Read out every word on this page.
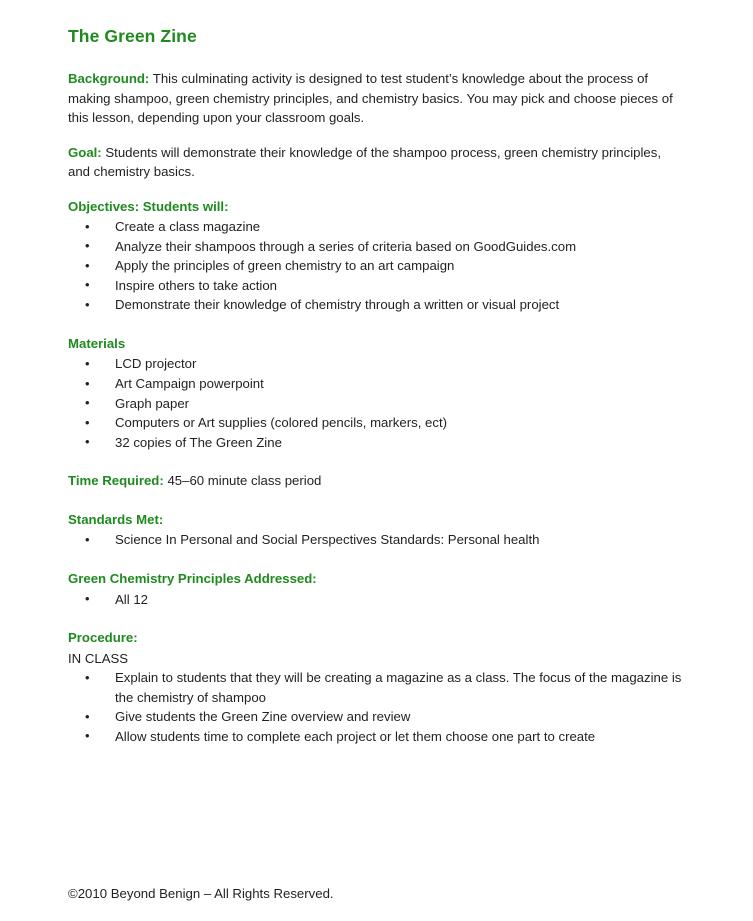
The Green Zine

Background: This culminating activity is designed to test student’s knowledge about the process of making shampoo, green chemistry principles, and chemistry basics. You may pick and choose pieces of this lesson, depending upon your classroom goals.

Goal: Students will demonstrate their knowledge of the shampoo process, green chemistry principles, and chemistry basics.

Objectives: Students will:
• Create a class magazine
• Analyze their shampoos through a series of criteria based on GoodGuides.com
• Apply the principles of green chemistry to an art campaign
• Inspire others to take action
• Demonstrate their knowledge of chemistry through a written or visual project
Materials
• LCD projector
• Art Campaign powerpoint
• Graph paper
• Computers or Art supplies (colored pencils, markers, ect)
• 32 copies of The Green Zine

Time Required: 45–60 minute class period

Standards Met:
• Science In Personal and Social Perspectives Standards: Personal health
Green Chemistry Principles Addressed:
• All 12
Procedure:
IN CLASS
• Explain to students that they will be creating a magazine as a class. The focus of the magazine is the chemistry of shampoo
• Give students the Green Zine overview and review
• Allow students time to complete each project or let them choose one part to create
©2010 Beyond Benign – All Rights Reserved.
